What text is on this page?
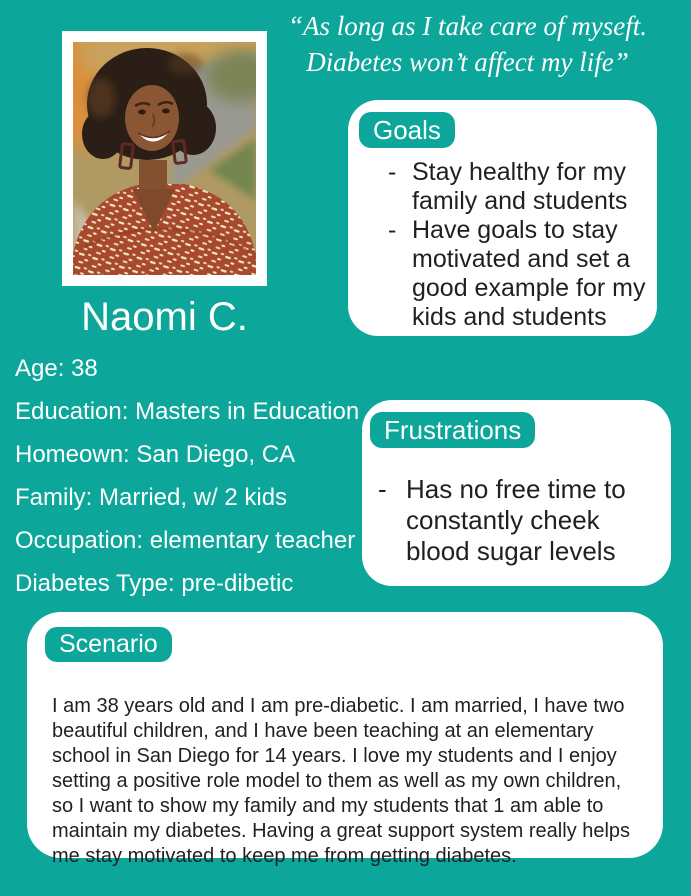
“As long as I take care of myseft.
Diabetes won’t affect my life”
Naomi C.
Age: 38
Education: Masters in Education
Homeown: San Diego, CA
Family: Married, w/ 2 kids
Occupation: elementary teacher
Diabetes Type: pre-dibetic
Goals
- Stay healthy for my family and students
- Have goals to stay motivated and set a good example for my kids and students
Frustrations
- Has no free time to constantly cheek blood sugar levels
Scenario

I am 38 years old and I am pre-diabetic. I am married, I have two beautiful children, and I have been teaching at an elementary school in San Diego for 14 years. I love my students and I enjoy setting a positive role model to them as well as my own children, so I want to show my family and my students that 1 am able to maintain my diabetes. Having a great support system really helps me stay motivated to keep me from getting diabetes.
